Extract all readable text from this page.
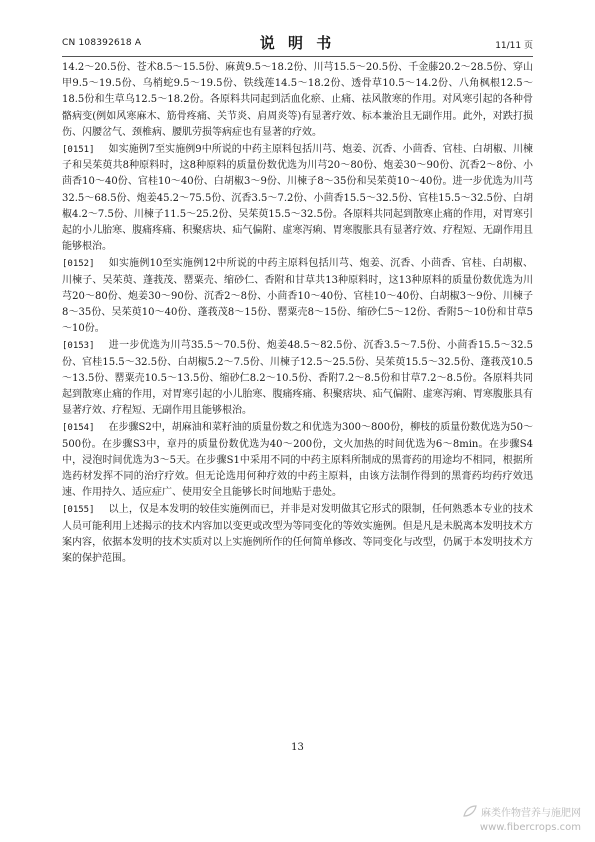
CN 108392618 A	说 明 书	11/11 页

14.2～20.5份、苍术8.5～15.5份、麻黄9.5～18.2份、川芎15.5～20.5份、千金藤20.2～28.5份、穿山甲9.5～19.5份、乌梢蛇9.5～19.5份、铁线莲14.5～18.2份、透骨草10.5～14.2份、八角枫根12.5～18.5份和生草乌12.5～18.2份。各原料共同起到活血化瘀、止痛、祛风散寒的作用。对风寒引起的各种骨骼病变(例如风寒麻木、筋骨疼痛、关节炎、肩周炎等)有显著疗效、标本兼治且无副作用。此外，对跌打损伤、闪腰岔气、颈椎病、腰肌劳损等病症也有显著的疗效。

[0151] 如实施例7至实施例9中所说的中药主原料包括川芎、炮姜、沉香、小茴香、官桂、白胡椒、川楝子和吴茱萸共8种原料时，这8种原料的质量份数优选为川芎20～80份、炮姜30～90份、沉香2～8份、小茴香10～40份、官桂10～40份、白胡椒3～9份、川楝子8～35份和吴茱萸10～40份。进一步优选为川芎32.5～68.5份、炮姜45.2～75.5份、沉香3.5～7.2份、小茴香15.5～32.5份、官桂15.5～32.5份、白胡椒4.2～7.5份、川楝子11.5～25.2份、吴茱萸15.5～32.5份。各原料共同起到散寒止痛的作用，对胃寒引起的小儿胎寒、腹痛疼痛、积聚痞块、疝气偏附、虚寒泻痢、胃寒腹胀具有显著疗效、疗程短、无副作用且能够根治。

[0152] 如实施例10至实施例12中所说的中药主原料包括川芎、炮姜、沉香、小茴香、官桂、白胡椒、川楝子、吴茱萸、蓬莪茂、罂粟壳、缩砂仁、香附和甘草共13种原料时，这13种原料的质量份数优选为川芎20～80份、炮姜30～90份、沉香2～8份、小茴香10～40份、官桂10～40份、白胡椒3～9份、川楝子8～35份、吴茱萸10～40份、蓬莪茂8～15份、罂粟壳8～15份、缩砂仁5～12份、香附5～10份和甘草5～10份。

[0153] 进一步优选为川芎35.5～70.5份、炮姜48.5～82.5份、沉香3.5～7.5份、小茴香15.5～32.5份、官桂15.5～32.5份、白胡椒5.2～7.5份、川楝子12.5～25.5份、吴茱萸15.5～32.5份、蓬莪茂10.5～13.5份、罂粟壳10.5～13.5份、缩砂仁8.2～10.5份、香附7.2～8.5份和甘草7.2～8.5份。各原料共同起到散寒止痛的作用，对胃寒引起的小儿胎寒、腹痛疼痛、积聚痞块、疝气偏附、虚寒泻痢、胃寒腹胀具有显著疗效、疗程短、无副作用且能够根治。

[0154] 在步骤S2中，胡麻油和菜籽油的质量份数之和优选为300～800份，柳枝的质量份数优选为50～500份。在步骤S3中，章丹的质量份数优选为40～200份，文火加热的时间优选为6～8min。在步骤S4中，浸泡时间优选为3～5天。在步骤S1中采用不同的中药主原料所制成的黑膏药的用途均不相同，根据所选药材发挥不同的治疗疗效。但无论选用何种疗效的中药主原料，由该方法制作得到的黑膏药均药疗效迅速、作用持久、适应症广、使用安全且能够长时间地贴于患处。

[0155] 以上，仅是本发明的较佳实施例而已，并非是对发明做其它形式的限制，任何熟悉本专业的技术人员可能利用上述揭示的技术内容加以变更或改型为等同变化的等效实施例。但是凡是未脱离本发明技术方案内容，依据本发明的技术实质对以上实施例所作的任何简单修改、等同变化与改型，仍属于本发明技术方案的保护范围。

13
麻类作物营养与施肥网
www.fibercrops.com
